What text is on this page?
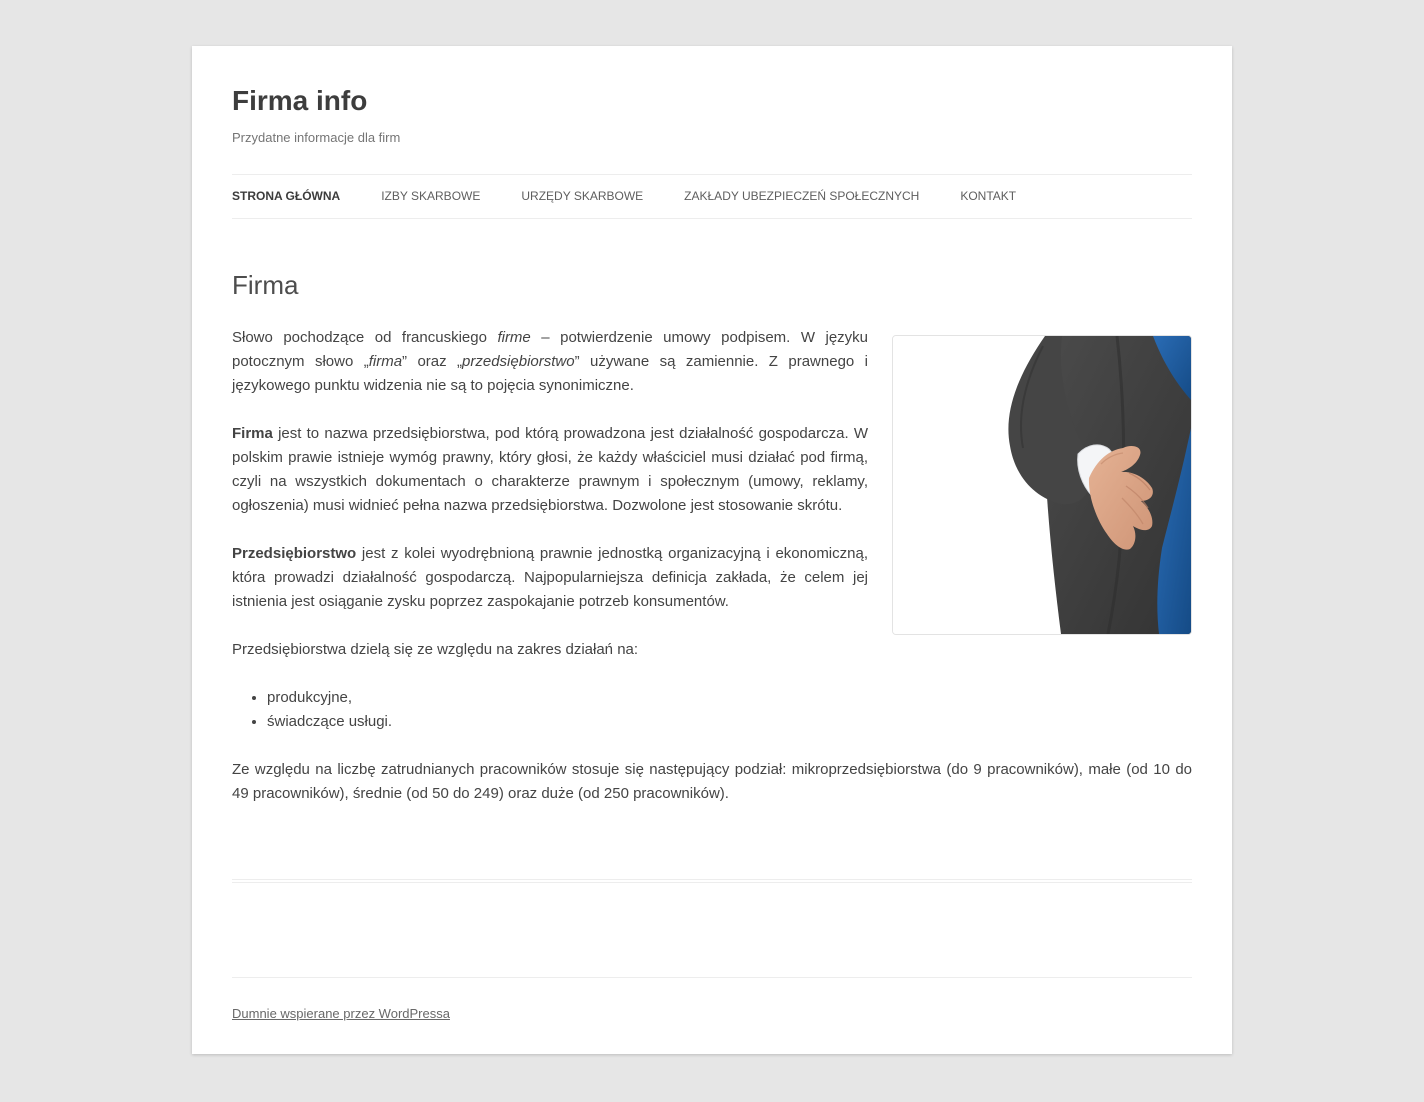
Firma info
Przydatne informacje dla firm
STRONA GŁÓWNA	IZBY SKARBOWE	URZĘDY SKARBOWE	ZAKŁADY UBEZPIECZEŃ SPOŁECZNYCH	KONTAKT
Firma

Słowo pochodzące od francuskiego firme – potwierdzenie umowy podpisem. W języku potocznym słowo „firma” oraz „przedsiębiorstwo” używane są zamiennie. Z prawnego i językowego punktu widzenia nie są to pojęcia synonimiczne.

Firma jest to nazwa przedsiębiorstwa, pod którą prowadzona jest działalność gospodarcza. W polskim prawie istnieje wymóg prawny, który głosi, że każdy właściciel musi działać pod firmą, czyli na wszystkich dokumentach o charakterze prawnym i społecznym (umowy, reklamy, ogłoszenia) musi widnieć pełna nazwa przedsiębiorstwa. Dozwolone jest stosowanie skrótu.

Przedsiębiorstwo jest z kolei wyodrębnioną prawnie jednostką organizacyjną i ekonomiczną, która prowadzi działalność gospodarczą. Najpopularniejsza definicja zakłada, że celem jej istnienia jest osiąganie zysku poprzez zaspokajanie potrzeb konsumentów.

Przedsiębiorstwa dzielą się ze względu na zakres działań na:

• produkcyjne,
• świadczące usługi.

Ze względu na liczbę zatrudnianych pracowników stosuje się następujący podział: mikroprzedsiębiorstwa (do 9 pracowników), małe (od 10 do 49 pracowników), średnie (od 50 do 249) oraz duże (od 250 pracowników).

Dumnie wspierane przez WordPressa
